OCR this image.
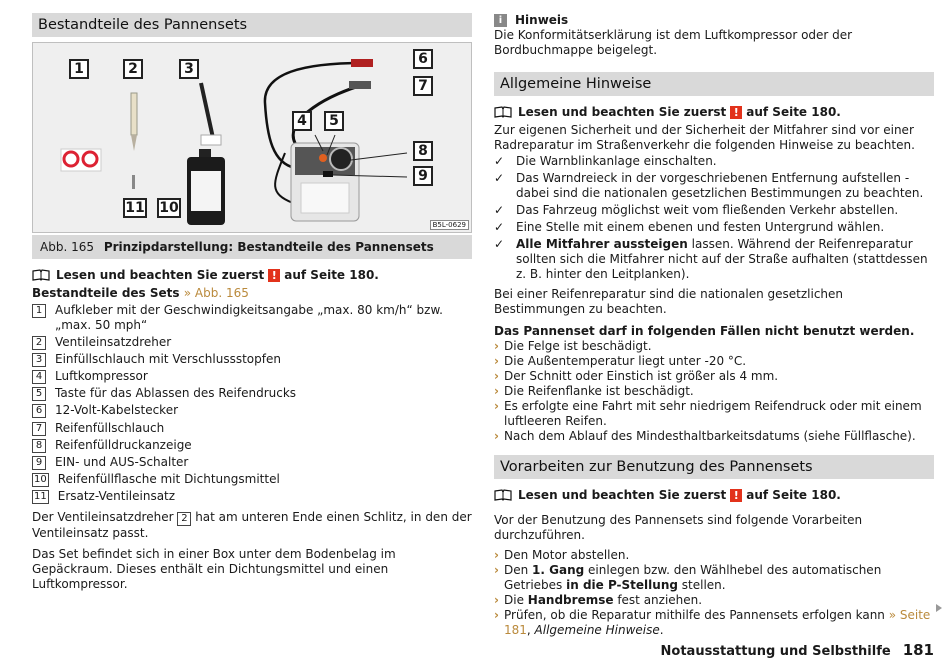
Bestandteile des Pannensets
1	2	3
4	5
6
7
8
9
10
11
B5L-0629
Abb. 165 Prinzipdarstellung: Bestandteile des Pannensets
Lesen und beachten Sie zuerst ! auf Seite 180.
Bestandteile des Sets » Abb. 165
1	Aufkleber mit der Geschwindigkeitsangabe „max. 80 km/h“ bzw. „max. 50 mph“
2	Ventileinsatzdreher
3	Einfüllschlauch mit Verschlussstopfen
4	Luftkompressor
5	Taste für das Ablassen des Reifendrucks
6	12-Volt-Kabelstecker
7	Reifenfüllschlauch
8	Reifenfülldruckanzeige
9	EIN- und AUS-Schalter
10 Reifenfüllflasche mit Dichtungsmittel
11 Ersatz-Ventileinsatz

Der Ventileinsatzdreher 2 hat am unteren Ende einen Schlitz, in den der Ventileinsatz passt.

Das Set befindet sich in einer Box unter dem Bodenbelag im Gepäckraum. Dieses enthält ein Dichtungsmittel und einen Luftkompressor.

i	Hinweis

Die Konformitätserklärung ist dem Luftkompressor oder der Bordbuchmappe beigelegt.

Allgemeine Hinweise
Lesen und beachten Sie zuerst ! auf Seite 180.

Zur eigenen Sicherheit und der Sicherheit der Mitfahrer sind vor einer Radreparatur im Straßenverkehr die folgenden Hinweise zu beachten.

✓ Die Warnblinkanlage einschalten.
✓ Das Warndreieck in der vorgeschriebenen Entfernung aufstellen - dabei sind die nationalen gesetzlichen Bestimmungen zu beachten.
✓ Das Fahrzeug möglichst weit vom fließenden Verkehr abstellen.
✓ Eine Stelle mit einem ebenen und festen Untergrund wählen.
✓ Alle Mitfahrer aussteigen lassen. Während der Reifenreparatur sollten sich die Mitfahrer nicht auf der Straße aufhalten (stattdessen z. B. hinter den Leitplanken).

Bei einer Reifenreparatur sind die nationalen gesetzlichen Bestimmungen zu beachten.

Das Pannenset darf in folgenden Fällen nicht benutzt werden.

› Die Felge ist beschädigt.
› Die Außentemperatur liegt unter -20 °C.
› Der Schnitt oder Einstich ist größer als 4 mm.
› Die Reifenflanke ist beschädigt.
› Es erfolgte eine Fahrt mit sehr niedrigem Reifendruck oder mit einem luftleeren Reifen.
› Nach dem Ablauf des Mindesthaltbarkeitsdatums (siehe Füllflasche).
Vorarbeiten zur Benutzung des Pannensets
Lesen und beachten Sie zuerst ! auf Seite 180.

Vor der Benutzung des Pannensets sind folgende Vorarbeiten durchzuführen.

› Den Motor abstellen.
› Den 1. Gang einlegen bzw. den Wählhebel des automatischen Getriebes in die P-Stellung stellen.
› Die Handbremse fest anziehen.
› Prüfen, ob die Reparatur mithilfe des Pannensets erfolgen kann » Seite 181, Allgemeine Hinweise.
Notausstattung und Selbsthilfe 181
